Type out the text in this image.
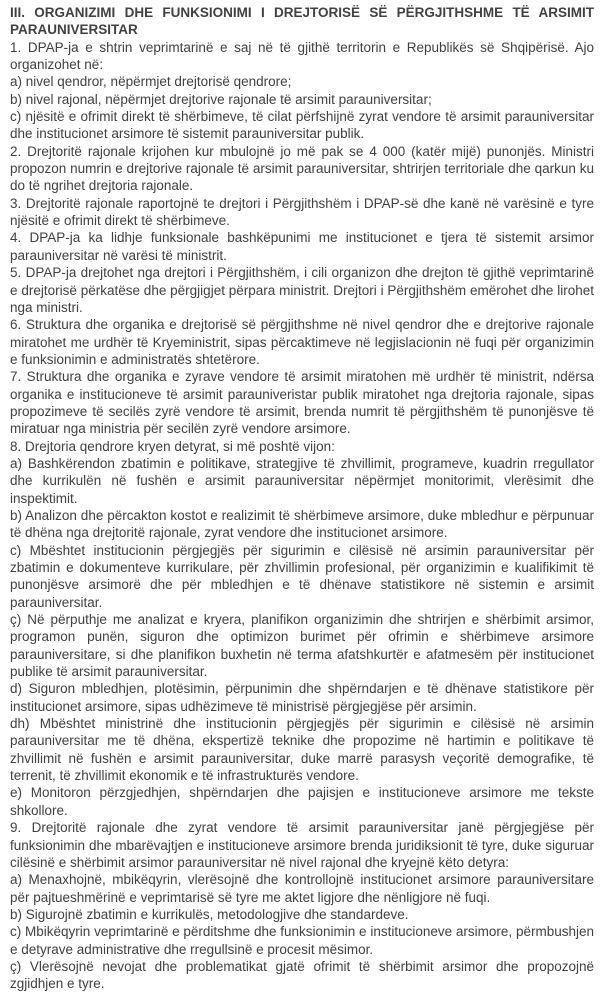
III. ORGANIZIMI DHE FUNKSIONIMI I DREJTORISË SË PËRGJITHSHME TË ARSIMIT PARAUNIVERSITAR

1. DPAP-ja e shtrin veprimtarinë e saj në të gjithë territorin e Republikës së Shqipërisë. Ajo organizohet në:

a) nivel qendror, nëpërmjet drejtorisë qendrore;

b) nivel rajonal, nëpërmjet drejtorive rajonale të arsimit parauniversitar;

c) njësitë e ofrimit direkt të shërbimeve, të cilat përfshijnë zyrat vendore të arsimit parauniversitar dhe institucionet arsimore të sistemit parauniversitar publik.

2. Drejtoritë rajonale krijohen kur mbulojnë jo më pak se 4 000 (katër mijë) punonjës. Ministri propozon numrin e drejtorive rajonale të arsimit parauniversitar, shtrirjen territoriale dhe qarkun ku do të ngrihet drejtoria rajonale.

3. Drejtoritë rajonale raportojnë te drejtori i Përgjithshëm i DPAP-së dhe kanë në varësinë e tyre njësitë e ofrimit direkt të shërbimeve.

4. DPAP-ja ka lidhje funksionale bashkëpunimi me institucionet e tjera të sistemit arsimor parauniversitar në varësi të ministrit.

5. DPAP-ja drejtohet nga drejtori i Përgjithshëm, i cili organizon dhe drejton të gjithë veprimtarinë e drejtorisë përkatëse dhe përgjigjet përpara ministrit. Drejtori i Përgjithshëm emërohet dhe lirohet nga ministri.

6. Struktura dhe organika e drejtorisë së përgjithshme në nivel qendror dhe e drejtorive rajonale miratohet me urdhër të Kryeministrit, sipas përcaktimeve në legjislacionin në fuqi për organizimin e funksionimin e administratës shtetërore.

7. Struktura dhe organika e zyrave vendore të arsimit miratohen më urdhër të ministrit, ndërsa organika e institucioneve të arsimit parauniveristar publik miratohet nga drejtoria rajonale, sipas propozimeve të secilës zyrë vendore të arsimit, brenda numrit të përgjithshëm të punonjësve të miratuar nga ministria për secilën zyrë vendore arsimore.

8. Drejtoria qendrore kryen detyrat, si më poshtë vijon:

a) Bashkërendon zbatimin e politikave, strategjive të zhvillimit, programeve, kuadrin rregullator dhe kurrikulën në fushën e arsimit parauniversitar nëpërmjet monitorimit, vlerësimit dhe inspektimit.

b) Analizon dhe përcakton kostot e realizimit të shërbimeve arsimore, duke mbledhur e përpunuar të dhëna nga drejtoritë rajonale, zyrat vendore dhe institucionet arsimore.

c) Mbështet institucionin përgjegjës për sigurimin e cilësisë në arsimin parauniversitar për zbatimin e dokumenteve kurrikulare, për zhvillimin profesional, për organizimin e kualifikimit të punonjësve arsimorë dhe për mbledhjen e të dhënave statistikore në sistemin e arsimit parauniversitar.

ç) Në përputhje me analizat e kryera, planifikon organizimin dhe shtrirjen e shërbimit arsimor, programon punën, siguron dhe optimizon burimet për ofrimin e shërbimeve arsimore parauniversitare, si dhe planifikon buxhetin në terma afatshkurtër e afatmesëm për institucionet publike të arsimit parauniversitar.

d) Siguron mbledhjen, plotësimin, përpunimin dhe shpërndarjen e të dhënave statistikore për institucionet arsimore, sipas udhëzimeve të ministrisë përgjegjëse për arsimin.

dh) Mbështet ministrinë dhe institucionin përgjegjës për sigurimin e cilësisë në arsimin parauniversitar me të dhëna, ekspertizë teknike dhe propozime në hartimin e politikave të zhvillimit në fushën e arsimit parauniversitar, duke marrë parasysh veçoritë demografike, të terrenit, të zhvillimit ekonomik e të infrastrukturës vendore.

e) Monitoron përzgjedhjen, shpërndarjen dhe pajisjen e institucioneve arsimore me tekste shkollore.

9. Drejtoritë rajonale dhe zyrat vendore të arsimit parauniversitar janë përgjegjëse për funksionimin dhe mbarëvajtjen e institucioneve arsimore brenda juridiksionit të tyre, duke siguruar cilësinë e shërbimit arsimor parauniversitar në nivel rajonal dhe kryejnë këto detyra:

a) Menaxhojnë, mbikëqyrin, vlerësojnë dhe kontrollojnë institucionet arsimore parauniversitare për pajtueshmërinë e veprimtarisë së tyre me aktet ligjore dhe nënligjore në fuqi.

b) Sigurojnë zbatimin e kurrikulës, metodologjive dhe standardeve.

c) Mbikëqyrin veprimtarinë e përditshme dhe funksionimin e institucioneve arsimore, përmbushjen e detyrave administrative dhe rregullsinë e procesit mësimor.

ç) Vlerësojnë nevojat dhe problematikat gjatë ofrimit të shërbimit arsimor dhe propozojnë zgjidhjen e tyre.
